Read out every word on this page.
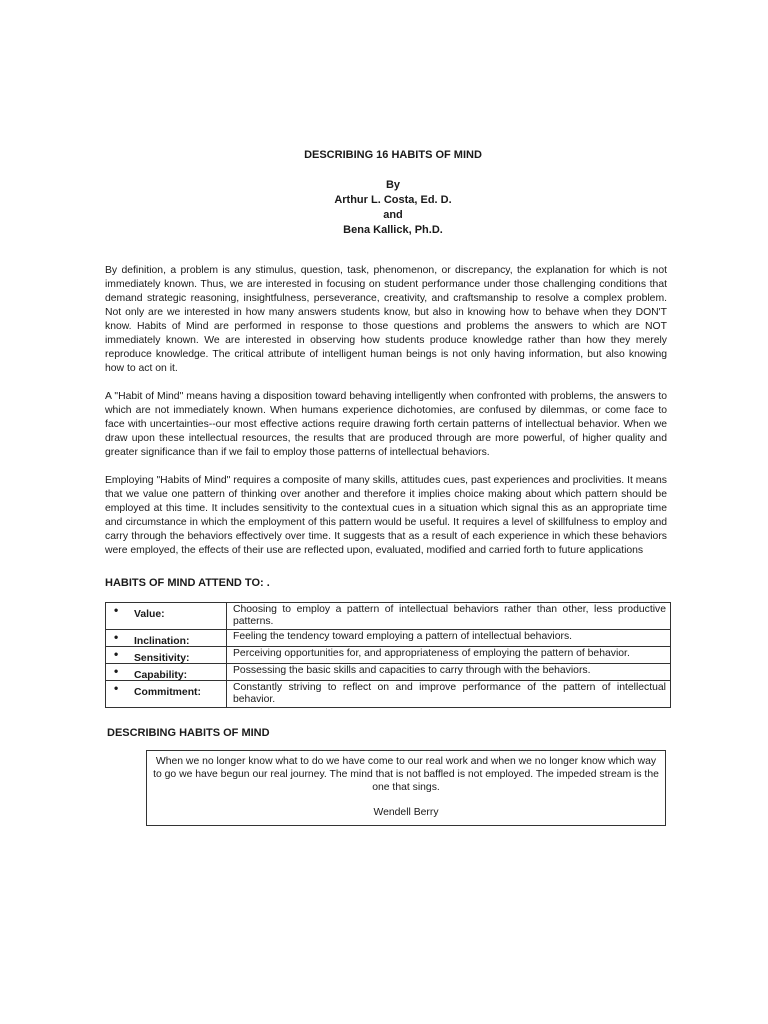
DESCRIBING 16 HABITS OF MIND
By
Arthur L. Costa, Ed. D.
and
Bena Kallick, Ph.D.

By definition, a problem is any stimulus, question, task, phenomenon, or discrepancy, the explanation for which is not immediately known. Thus, we are interested in focusing on student performance under those challenging conditions that demand strategic reasoning, insightfulness, perseverance, creativity, and craftsmanship to resolve a complex problem. Not only are we interested in how many answers students know, but also in knowing how to behave when they DON'T know. Habits of Mind are performed in response to those questions and problems the answers to which are NOT immediately known. We are interested in observing how students produce knowledge rather than how they merely reproduce knowledge. The critical attribute of intelligent human beings is not only having information, but also knowing how to act on it.

A "Habit of Mind" means having a disposition toward behaving intelligently when confronted with problems, the answers to which are not immediately known. When humans experience dichotomies, are confused by dilemmas, or come face to face with uncertainties--our most effective actions require drawing forth certain patterns of intellectual behavior. When we draw upon these intellectual resources, the results that are produced through are more powerful, of higher quality and greater significance than if we fail to employ those patterns of intellectual behaviors.

Employing "Habits of Mind" requires a composite of many skills, attitudes cues, past experiences and proclivities. It means that we value one pattern of thinking over another and therefore it implies choice making about which pattern should be employed at this time. It includes sensitivity to the contextual cues in a situation which signal this as an appropriate time and circumstance in which the employment of this pattern would be useful. It requires a level of skillfulness to employ and carry through the behaviors effectively over time. It suggests that as a result of each experience in which these behaviors were employed, the effects of their use are reflected upon, evaluated, modified and carried forth to future applications

HABITS OF MIND ATTEND TO: .
• Value:	Choosing to employ a pattern of intellectual behaviors rather than other, less productive patterns.
• Inclination:	Feeling the tendency toward employing a pattern of intellectual behaviors.
• Sensitivity:	Perceiving opportunities for, and appropriateness of employing the pattern of behavior.
• Capability:	Possessing the basic skills and capacities to carry through with the behaviors.
• Commitment:	Constantly striving to reflect on and improve performance of the pattern of intellectual behavior.
DESCRIBING HABITS OF MIND
When we no longer know what to do we have come to our real work and when we no longer know which way to go we have begun our real journey. The mind that is not baffled is not employed. The impeded stream is the one that sings.
Wendell Berry
